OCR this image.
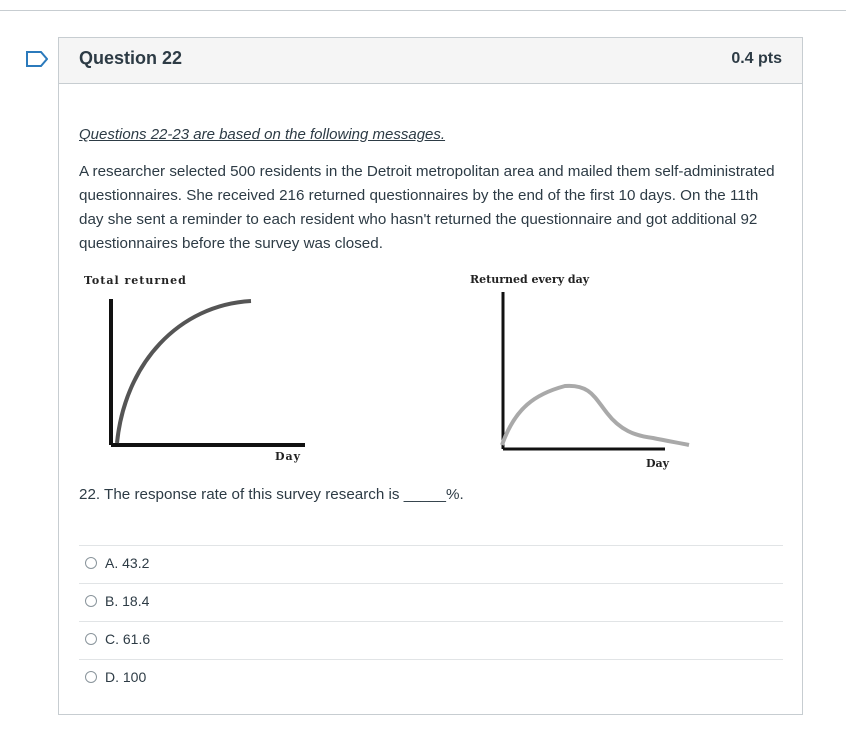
Question 22	0.4 pts
Questions 22-23 are based on the following messages.
A researcher selected 500 residents in the Detroit metropolitan area and mailed them self-administrated questionnaires. She received 216 returned questionnaires by the end of the first 10 days. On the 11th day she sent a reminder to each resident who hasn't returned the questionnaire and got additional 92 questionnaires before the survey was closed.
Total returned
Day
Returned every day
Day
22. The response rate of this survey research is _____%.
A. 43.2
B. 18.4
C. 61.6
D. 100
